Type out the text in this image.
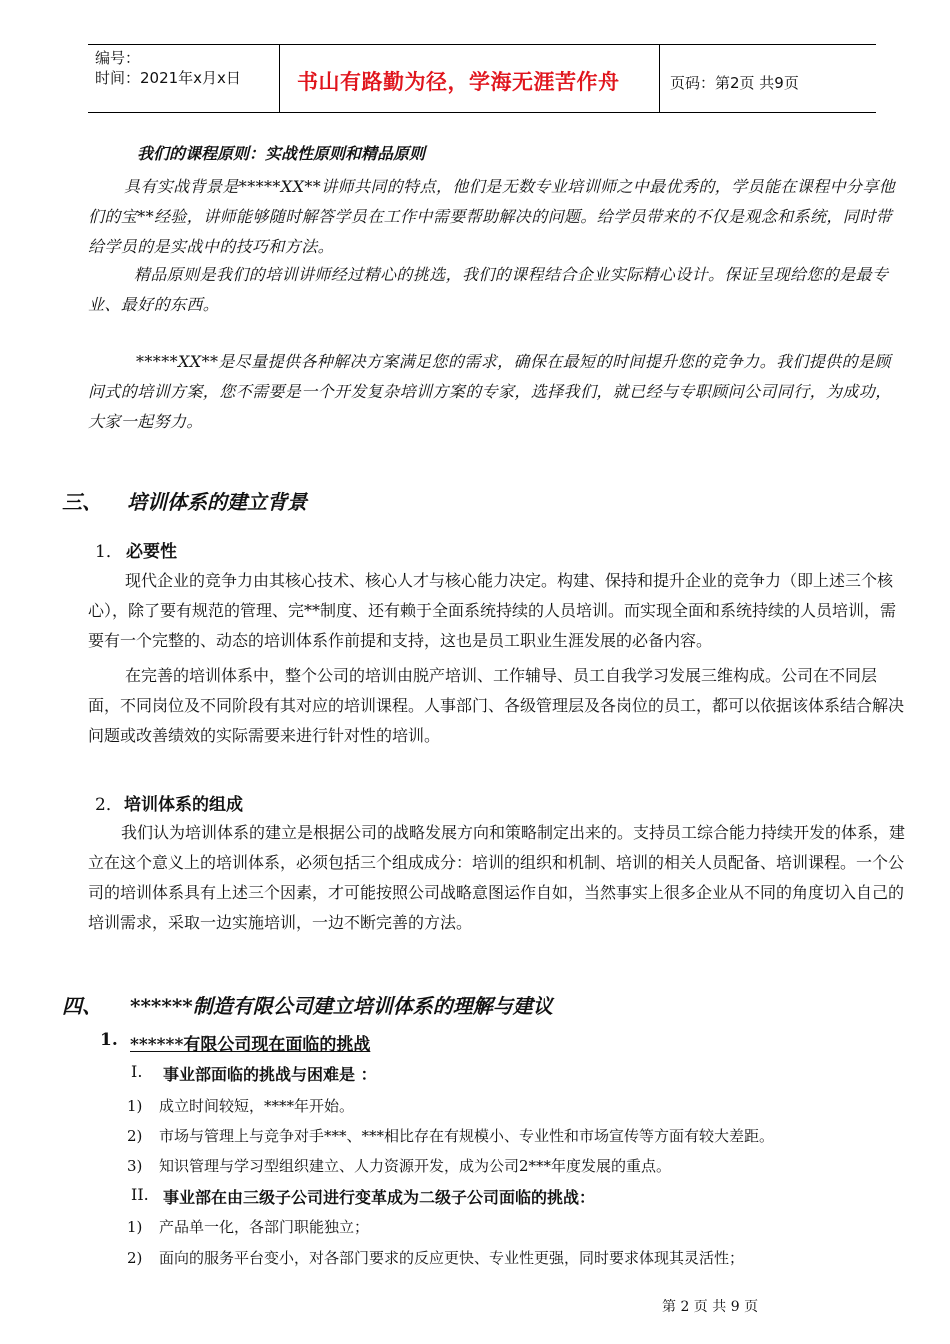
编号：
时间：2021年x月x日	书山有路勤为径，学海无涯苦作舟	页码：第2页 共9页
我们的课程原则：实战性原则和精品原则
具有实战背景是*****XX**讲师共同的特点，他们是无数专业培训师之中最优秀的，学员能在课程中分享他们的宝**经验，讲师能够随时解答学员在工作中需要帮助解决的问题。给学员带来的不仅是观念和系统，同时带给学员的是实战中的技巧和方法。
精品原则是我们的培训讲师经过精心的挑选，我们的课程结合企业实际精心设计。保证呈现给您的是最专业、最好的东西。
*****XX**是尽量提供各种解决方案满足您的需求，确保在最短的时间提升您的竞争力。我们提供的是顾问式的培训方案，您不需要是一个开发复杂培训方案的专家，选择我们，就已经与专职顾问公司同行，为成功，大家一起努力。
三、 培训体系的建立背景
1． 必要性
现代企业的竞争力由其核心技术、核心人才与核心能力决定。构建、保持和提升企业的竞争力（即上述三个核心），除了要有规范的管理、完**制度、还有赖于全面系统持续的人员培训。而实现全面和系统持续的人员培训，需要有一个完整的、动态的培训体系作前提和支持，这也是员工职业生涯发展的必备内容。
在完善的培训体系中，整个公司的培训由脱产培训、工作辅导、员工自我学习发展三维构成。公司在不同层面，不同岗位及不同阶段有其对应的培训课程。人事部门、各级管理层及各岗位的员工，都可以依据该体系结合解决问题或改善绩效的实际需要来进行针对性的培训。
2． 培训体系的组成
我们认为培训体系的建立是根据公司的战略发展方向和策略制定出来的。支持员工综合能力持续开发的体系，建立在这个意义上的培训体系，必须包括三个组成成分：培训的组织和机制、培训的相关人员配备、培训课程。一个公司的培训体系具有上述三个因素，才可能按照公司战略意图运作自如，当然事实上很多企业从不同的角度切入自己的培训需求，采取一边实施培训，一边不断完善的方法。
四、 ******制造有限公司建立培训体系的理解与建议
1. ******有限公司现在面临的挑战
I. 事业部面临的挑战与困难是 ：
1) 成立时间较短，****年开始。
2) 市场与管理上与竞争对手***、***相比存在有规模小、专业性和市场宣传等方面有较大差距。
3) 知识管理与学习型组织建立、人力资源开发，成为公司2***年度发展的重点。
II. 事业部在由三级子公司进行变革成为二级子公司面临的挑战：
1) 产品单一化，各部门职能独立；
2) 面向的服务平台变小，对各部门要求的反应更快、专业性更强，同时要求体现其灵活性；
第 2 页 共 9 页
